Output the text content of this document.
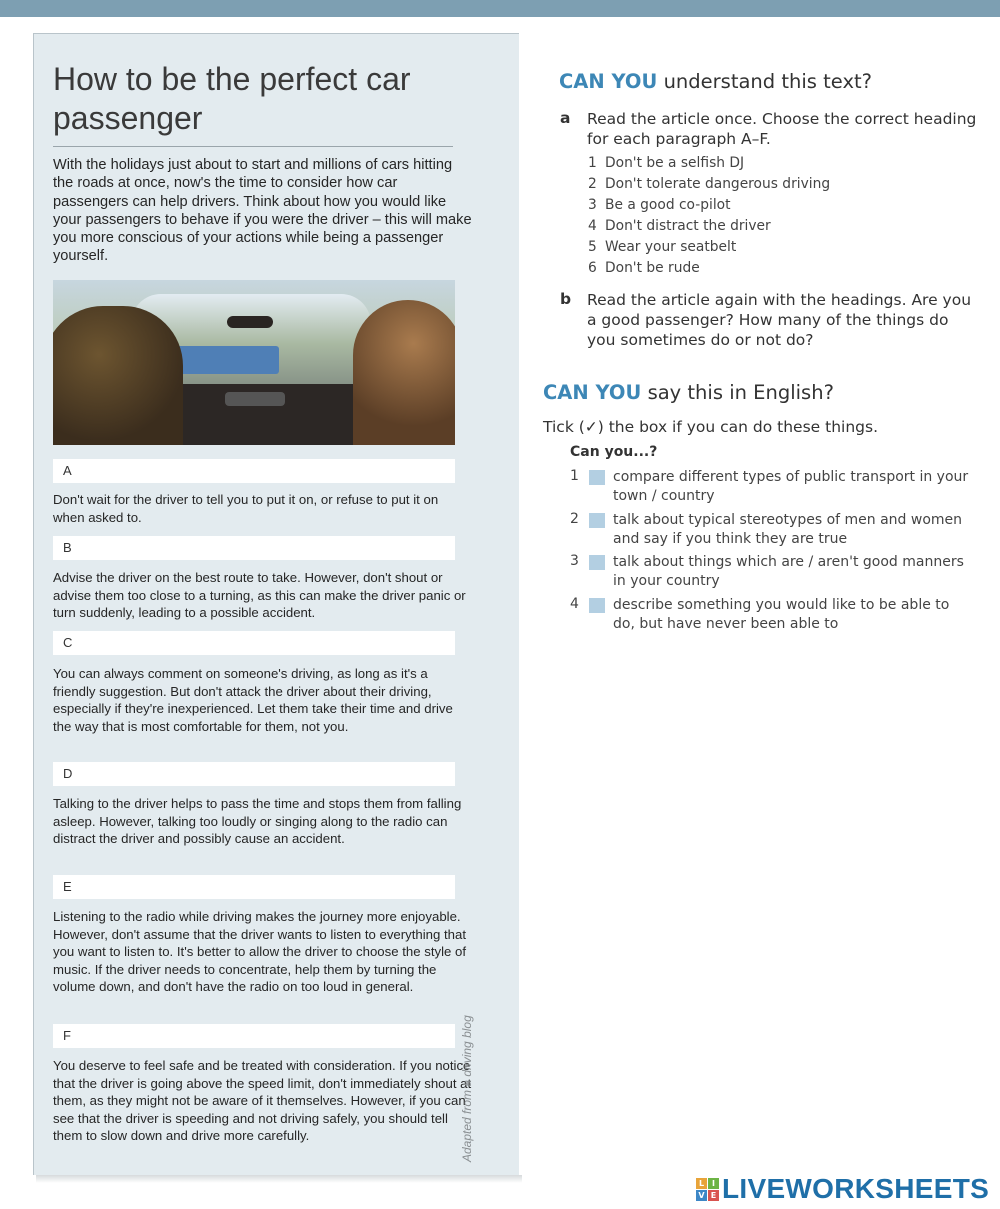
How to be the perfect car passenger

With the holidays just about to start and millions of cars hitting the roads at once, now's the time to consider how car passengers can help drivers. Think about how you would like your passengers to behave if you were the driver – this will make you more conscious of your actions while being a passenger yourself.

A

Don't wait for the driver to tell you to put it on, or refuse to put it on when asked to.

B

Advise the driver on the best route to take. However, don't shout or advise them too close to a turning, as this can make the driver panic or turn suddenly, leading to a possible accident.

C

You can always comment on someone's driving, as long as it's a friendly suggestion. But don't attack the driver about their driving, especially if they're inexperienced. Let them take their time and drive the way that is most comfortable for them, not you.

D

Talking to the driver helps to pass the time and stops them from falling asleep. However, talking too loudly or singing along to the radio can distract the driver and possibly cause an accident.

E

Listening to the radio while driving makes the journey more enjoyable. However, don't assume that the driver wants to listen to everything that you want to listen to. It's better to allow the driver to choose the style of music. If the driver needs to concentrate, help them by turning the volume down, and don't have the radio on too loud in general.

F

You deserve to feel safe and be treated with consideration. If you notice that the driver is going above the speed limit, don't immediately shout at them, as they might not be aware of it themselves. However, if you can see that the driver is speeding and not driving safely, you should tell them to slow down and drive more carefully.	Adapted from a driving blog
CAN YOU understand this text?
a Read the article once. Choose the correct heading for each paragraph A–F.

1 Don't be a selfish DJ
2 Don't tolerate dangerous driving
3 Be a good co-pilot
4 Don't distract the driver
5 Wear your seatbelt
6 Don't be rude
b Read the article again with the headings. Are you a good passenger? How many of the things do you sometimes do or not do?

CAN YOU say this in English?

Tick (✓) the box if you can do these things.

Can you...?
1 compare different types of public transport in your town / country

2 talk about typical stereotypes of men and women and say if you think they are true

3 talk about things which are / aren't good manners in your country

4 describe something you would like to be able to do, but have never been able to

L I
V E LIVEWORKSHEETS
